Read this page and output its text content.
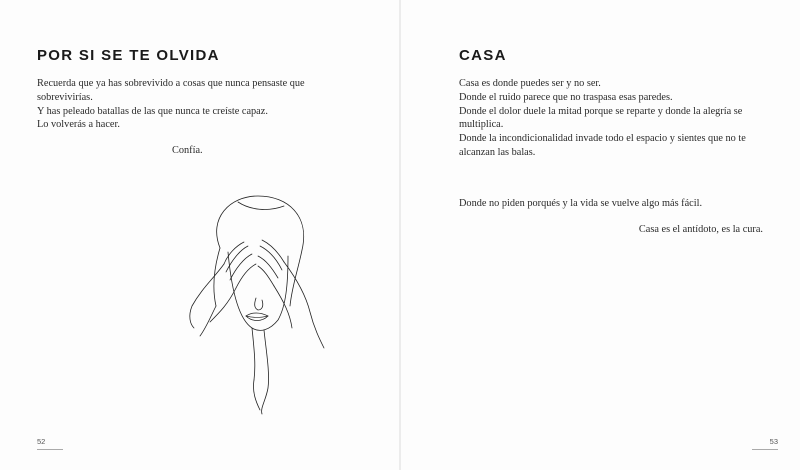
POR SI SE TE OLVIDA

Recuerda que ya has sobrevivido a cosas que nunca pensaste que

sobrevivirías.

Y has peleado batallas de las que nunca te creíste capaz.

Lo volverás a hacer.

Confía.
52
CASA

Casa es donde puedes ser y no ser.

Donde el ruido parece que no traspasa esas paredes.

Donde el dolor duele la mitad porque se reparte y donde la alegría se

multiplica.

Donde la incondicionalidad invade todo el espacio y sientes que no te

alcanzan las balas.

Donde no piden porqués y la vida se vuelve algo más fácil.
Casa es el antídoto, es la cura.
53
